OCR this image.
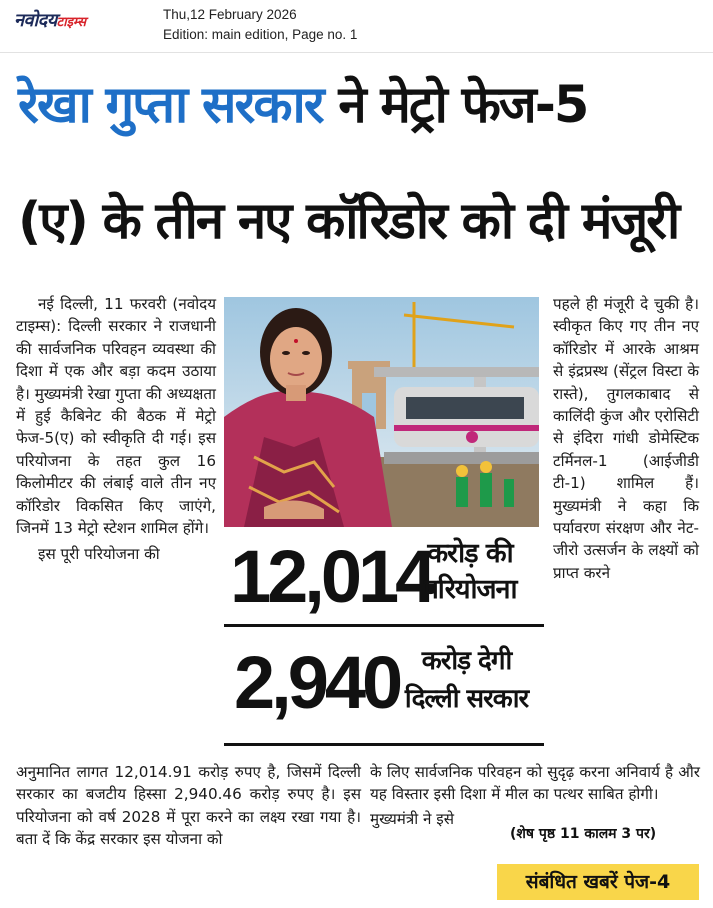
नवोदयटाइम्स
Thu,12 February 2026
Edition: main edition, Page no. 1
रेखा गुप्ता सरकार ने मेट्रो फेज-5
(ए) के तीन नए कॉरिडोर को दी मंजूरी

नई दिल्ली, 11 फरवरी (नवोदय टाइम्स): दिल्ली सरकार ने राजधानी की सार्वजनिक परिवहन व्यवस्था की दिशा में एक और बड़ा कदम उठाया है। मुख्यमंत्री रेखा गुप्ता की अध्यक्षता में हुई कैबिनेट की बैठक में मेट्रो फेज-5(ए) को स्वीकृति दी गई। इस परियोजना के तहत कुल 16 किलोमीटर की लंबाई वाले तीन नए कॉरिडोर विकसित किए जाएंगे, जिनमें 13 मेट्रो स्टेशन शामिल होंगे।

इस पूरी परियोजना की 12,014
करोड़ की
परियोजना
2,940 करोड़ देगी
दिल्ली सरकार
पहले ही मंजूरी दे चुकी है। स्वीकृत किए गए तीन नए कॉरिडोर में आरके आश्रम से इंद्रप्रस्थ (सेंट्रल विस्टा के रास्ते), तुगलकाबाद से कालिंदी कुंज और एरोसिटी से इंदिरा गांधी डोमेस्टिक टर्मिनल-1 (आईजीडी टी-1) शामिल हैं। मुख्यमंत्री ने कहा कि पर्यावरण संरक्षण और नेट-जीरो उत्सर्जन के लक्ष्यों को प्राप्त करने
अनुमानित लागत 12,014.91 करोड़ रुपए है, जिसमें दिल्ली सरकार का बजटीय हिस्सा 2,940.46 करोड़ रुपए है। इस परियोजना को वर्ष 2028 में पूरा करने का लक्ष्य रखा गया है। बता दें कि केंद्र सरकार इस योजना को
के लिए सार्वजनिक परिवहन को सुदृढ़ करना अनिवार्य है और यह विस्तार इसी दिशा में मील का पत्थर साबित होगी।
मुख्यमंत्री ने इसे
(शेष पृष्ठ 11 कालम 3 पर)
संबंधित खबरें पेज-4
